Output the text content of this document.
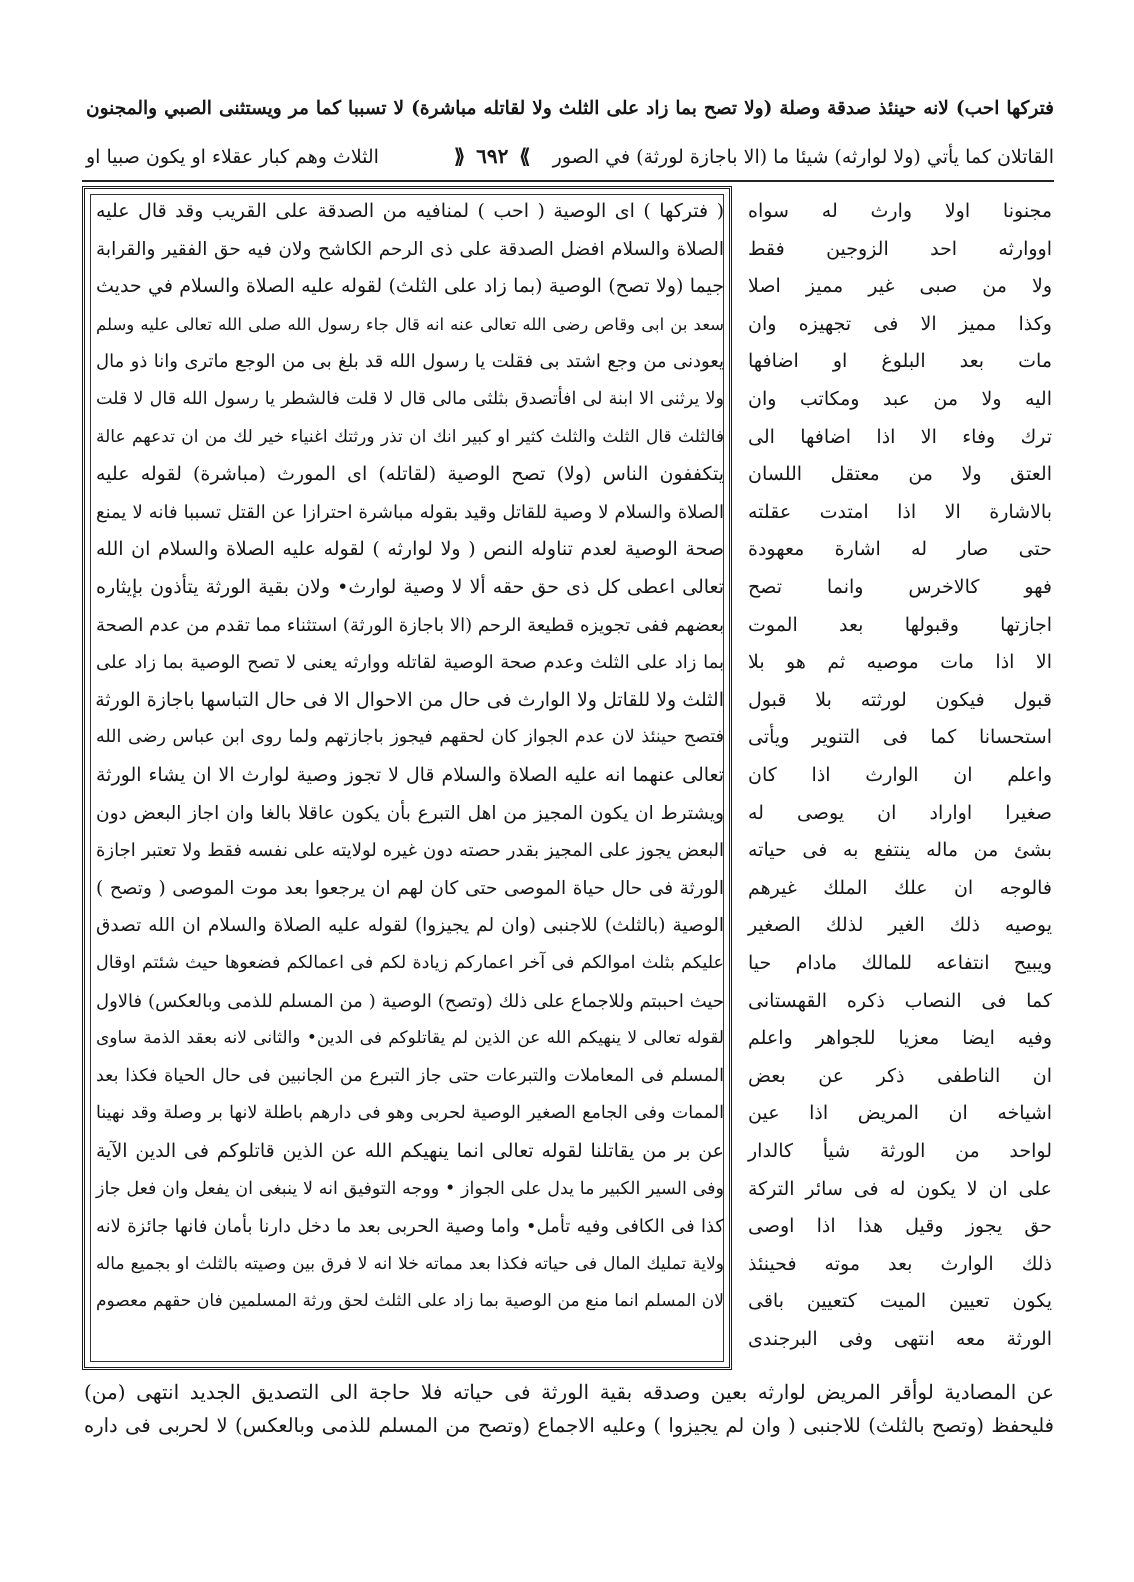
فتركها احب) لانه حينئذ صدقة وصلة (ولا تصح بما زاد على الثلث ولا لقاتله مباشرة) لا تسببا كما مر ويستثنى الصبي والمجنون
القاتلان كما يأتي (ولا لوارثه) شيئا ما (الا باجازة لورثة) في الصور
⟫ ٦٩٢ ⟪
الثلاث وهم كبار عقلاء او يكون صبيا او
( فتركها ) اى الوصية ( احب ) لمنافيه من الصدقة على القريب وقد قال عليه
الصلاة والسلام افضل الصدقة على ذى الرحم الكاشح ولان فيه حق الفقير والقرابة
جيما (ولا تصح) الوصية (بما زاد على الثلث) لقوله عليه الصلاة والسلام في حديث
سعد بن ابى وقاص رضى الله تعالى عنه انه قال جاء رسول الله صلى الله تعالى عليه وسلم
يعودنى من وجع اشتد بى فقلت يا رسول الله قد بلغ بى من الوجع ماترى وانا ذو مال
ولا يرثنى الا ابنة لى افأتصدق بثلثى مالى قال لا قلت فالشطر يا رسول الله قال لا قلت
فالثلث قال الثلث والثلث كثير او كبير انك ان تذر ورثتك اغنياء خير لك من ان تدعهم عالة
يتكففون الناس (ولا) تصح الوصية (لقاتله) اى المورث (مباشرة) لقوله عليه
الصلاة والسلام لا وصية للقاتل وقيد بقوله مباشرة احترازا عن القتل تسببا فانه لا يمنع
صحة الوصية لعدم تناوله النص ( ولا لوارثه ) لقوله عليه الصلاة والسلام ان الله
تعالى اعطى كل ذى حق حقه ألا لا وصية لوارث• ولان بقية الورثة يتأذون بإيثاره
بعضهم ففى تجويزه قطيعة الرحم (الا باجازة الورثة) استثناء مما تقدم من عدم الصحة
بما زاد على الثلث وعدم صحة الوصية لقاتله ووارثه يعنى لا تصح الوصية بما زاد على
الثلث ولا للقاتل ولا الوارث فى حال من الاحوال الا فى حال التباسها باجازة الورثة
فتصح حينئذ لان عدم الجواز كان لحقهم فيجوز باجازتهم ولما روى ابن عباس رضى الله
تعالى عنهما انه عليه الصلاة والسلام قال لا تجوز وصية لوارث الا ان يشاء الورثة
ويشترط ان يكون المجيز من اهل التبرع بأن يكون عاقلا بالغا وان اجاز البعض دون
البعض يجوز على المجيز بقدر حصته دون غيره لولايته على نفسه فقط ولا تعتبر اجازة
الورثة فى حال حياة الموصى حتى كان لهم ان يرجعوا بعد موت الموصى ( وتصح )
الوصية (بالثلث) للاجنبى (وان لم يجيزوا) لقوله عليه الصلاة والسلام ان الله تصدق
عليكم بثلث اموالكم فى آخر اعماركم زيادة لكم فى اعمالكم فضعوها حيث شئتم اوقال
حيث احببتم وللاجماع على ذلك (وتصح) الوصية ( من المسلم للذمى وبالعكس) فالاول
لقوله تعالى لا ينهيكم الله عن الذين لم يقاتلوكم فى الدين• والثانى لانه بعقد الذمة ساوى
المسلم فى المعاملات والتبرعات حتى جاز التبرع من الجانبين فى حال الحياة فكذا بعد
الممات وفى الجامع الصغير الوصية لحربى وهو فى دارهم باطلة لانها بر وصلة وقد نهينا
عن بر من يقاتلنا لقوله تعالى انما ينهيكم الله عن الذين قاتلوكم فى الدين الآية
وفى السير الكبير ما يدل على الجواز • ووجه التوفيق انه لا ينبغى ان يفعل وان فعل جاز
كذا فى الكافى وفيه تأمل• واما وصية الحربى بعد ما دخل دارنا بأمان فانها جائزة لانه
ولاية تمليك المال فى حياته فكذا بعد مماته خلا انه لا فرق بين وصيته بالثلث او بجميع ماله
لان المسلم انما منع من الوصية بما زاد على الثلث لحق ورثة المسلمين فان حقهم معصوم
مجنونا اولا وارث له سواه
اووارثه احد الزوجين فقط
ولا من صبى غير مميز اصلا
وكذا مميز الا فى تجهيزه وان
مات بعد البلوغ او اضافها
اليه ولا من عبد ومكاتب وان
ترك وفاء الا اذا اضافها الى
العتق ولا من معتقل اللسان
بالاشارة الا اذا امتدت عقلته
حتى صار له اشارة معهودة
فهو كالاخرس وانما تصح
اجازتها وقبولها بعد الموت
الا اذا مات موصيه ثم هو بلا
قبول فيكون لورثته بلا قبول
استحسانا كما فى التنوير ويأتى
واعلم ان الوارث اذا كان
صغيرا اواراد ان يوصى له
بشئ من ماله ينتفع به فى حياته
فالوجه ان علك الملك غيرهم
يوصيه ذلك الغير لذلك الصغير
ويبيح انتفاعه للمالك مادام حيا
كما فى النصاب ذكره القهستانى
وفيه ايضا معزيا للجواهر واعلم
ان الناطفى ذكر عن بعض
اشياخه ان المريض اذا عين
لواحد من الورثة شيأ كالدار
على ان لا يكون له فى سائر التركة
حق يجوز وقيل هذا اذا اوصى
ذلك الوارث بعد موته فحينئذ
يكون تعيين الميت كتعيين باقى
الورثة معه انتهى وفى البرجندى
عن المصادية لوأقر المريض لوارثه بعين وصدقه بقية الورثة فى حياته فلا حاجة الى التصديق الجديد انتهى (من)
فليحفظ (وتصح بالثلث) للاجنبى ( وان لم يجيزوا ) وعليه الاجماع (وتصح من المسلم للذمى وبالعكس) لا لحربى فى داره
